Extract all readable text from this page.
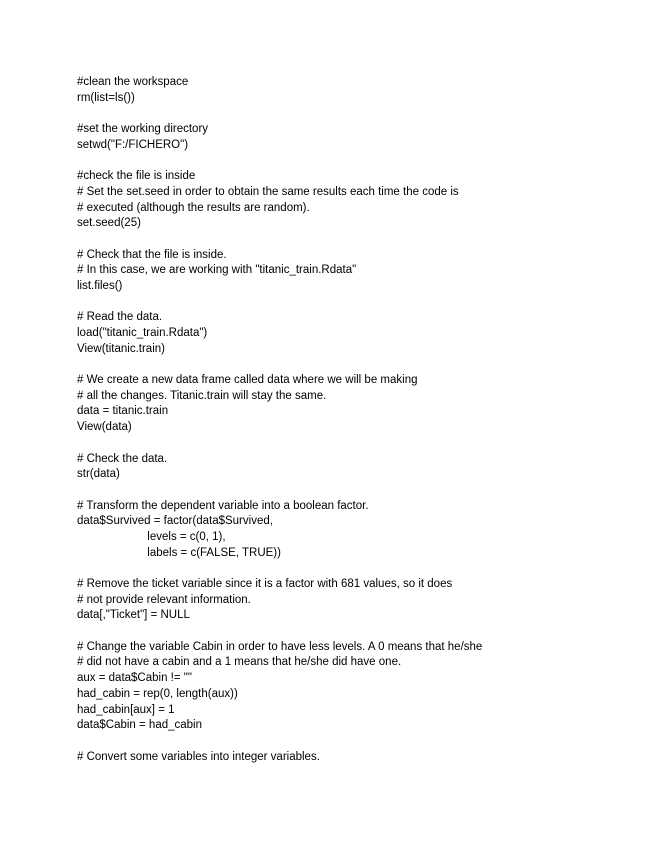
#clean the workspace
rm(list=ls())
#set the working directory
setwd("F:/FICHERO")
#check the file is inside
# Set the set.seed in order to obtain the same results each time the code is
# executed (although the results are random).
set.seed(25)
# Check that the file is inside.
# In this case, we are working with "titanic_train.Rdata"
list.files()
# Read the data.
load("titanic_train.Rdata")
View(titanic.train)
# We create a new data frame called data where we will be making
# all the changes. Titanic.train will stay the same.
data = titanic.train
View(data)
# Check the data.
str(data)
# Transform the dependent variable into a boolean factor.
data$Survived = factor(data$Survived,
levels = c(0, 1),
labels = c(FALSE, TRUE))
# Remove the ticket variable since it is a factor with 681 values, so it does
# not provide relevant information.
data[,"Ticket"] = NULL
# Change the variable Cabin in order to have less levels. A 0 means that he/she
# did not have a cabin and a 1 means that he/she did have one.
aux = data$Cabin != ""
had_cabin = rep(0, length(aux))
had_cabin[aux] = 1
data$Cabin = had_cabin
# Convert some variables into integer variables.
